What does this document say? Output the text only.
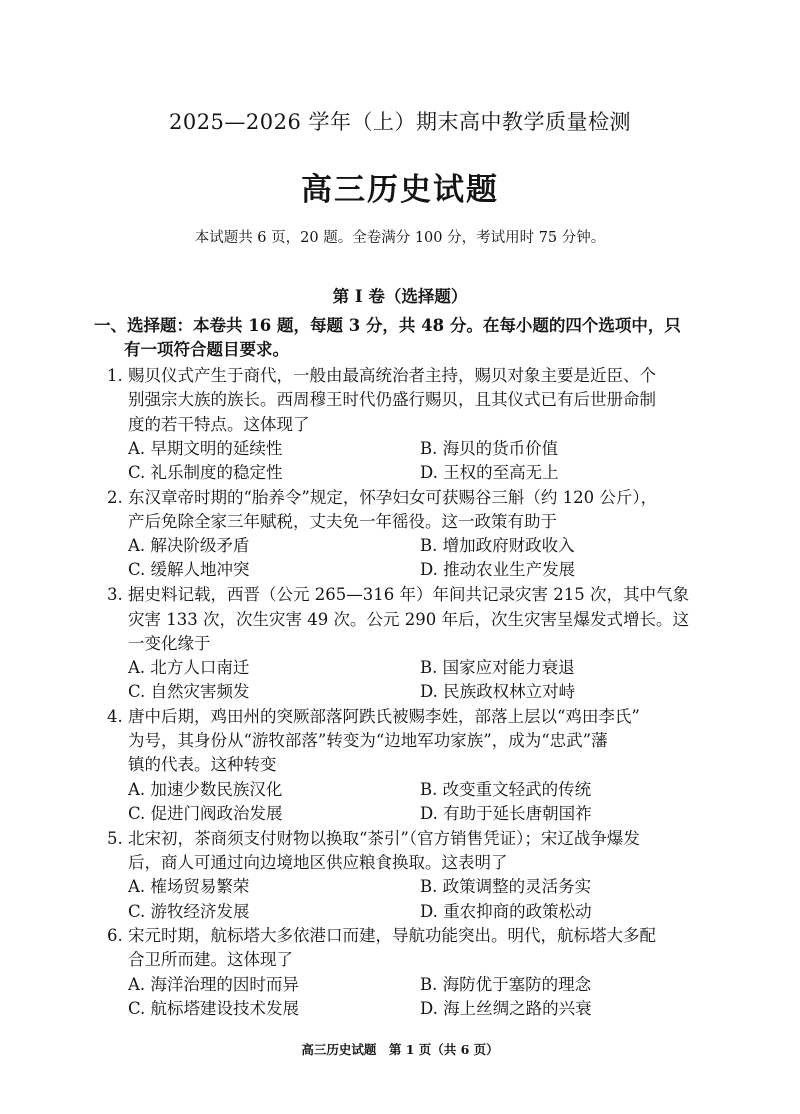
2025—2026 学年（上）期末高中教学质量检测
高三历史试题
本试题共 6 页，20 题。全卷满分 100 分，考试用时 75 分钟。
第 I 卷（选择题）
一、选择题：本卷共 16 题，每题 3 分，共 48 分。在每小题的四个选项中，只
有一项符合题目要求。
1. 赐贝仪式产生于商代，一般由最高统治者主持，赐贝对象主要是近臣、个
别强宗大族的族长。西周穆王时代仍盛行赐贝，且其仪式已有后世册命制
度的若干特点。这体现了
A. 早期文明的延续性	B. 海贝的货币价值
C. 礼乐制度的稳定性	D. 王权的至高无上
2. 东汉章帝时期的“胎养令”规定，怀孕妇女可获赐谷三斛（约 120 公斤），
产后免除全家三年赋税，丈夫免一年徭役。这一政策有助于
A. 解决阶级矛盾	B. 增加政府财政收入
C. 缓解人地冲突	D. 推动农业生产发展
3. 据史料记载，西晋（公元 265—316 年）年间共记录灾害 215 次，其中气象
灾害 133 次，次生灾害 49 次。公元 290 年后，次生灾害呈爆发式增长。这
一变化缘于
A. 北方人口南迁	B. 国家应对能力衰退
C. 自然灾害频发	D. 民族政权林立对峙
4. 唐中后期，鸡田州的突厥部落阿跌氏被赐李姓，部落上层以“鸡田李氏”
为号，其身份从“游牧部落”转变为“边地军功家族”，成为“忠武”藩
镇的代表。这种转变
A. 加速少数民族汉化	B. 改变重文轻武的传统
C. 促进门阀政治发展	D. 有助于延长唐朝国祚
5. 北宋初，茶商须支付财物以换取“茶引”（官方销售凭证）；宋辽战争爆发
后，商人可通过向边境地区供应粮食换取。这表明了
A. 榷场贸易繁荣	B. 政策调整的灵活务实
C. 游牧经济发展	D. 重农抑商的政策松动
6. 宋元时期，航标塔大多依港口而建，导航功能突出。明代，航标塔大多配
合卫所而建。这体现了
A. 海洋治理的因时而异	B. 海防优于塞防的理念
C. 航标塔建设技术发展	D. 海上丝绸之路的兴衰
高三历史试题　第 1 页（共 6 页）
